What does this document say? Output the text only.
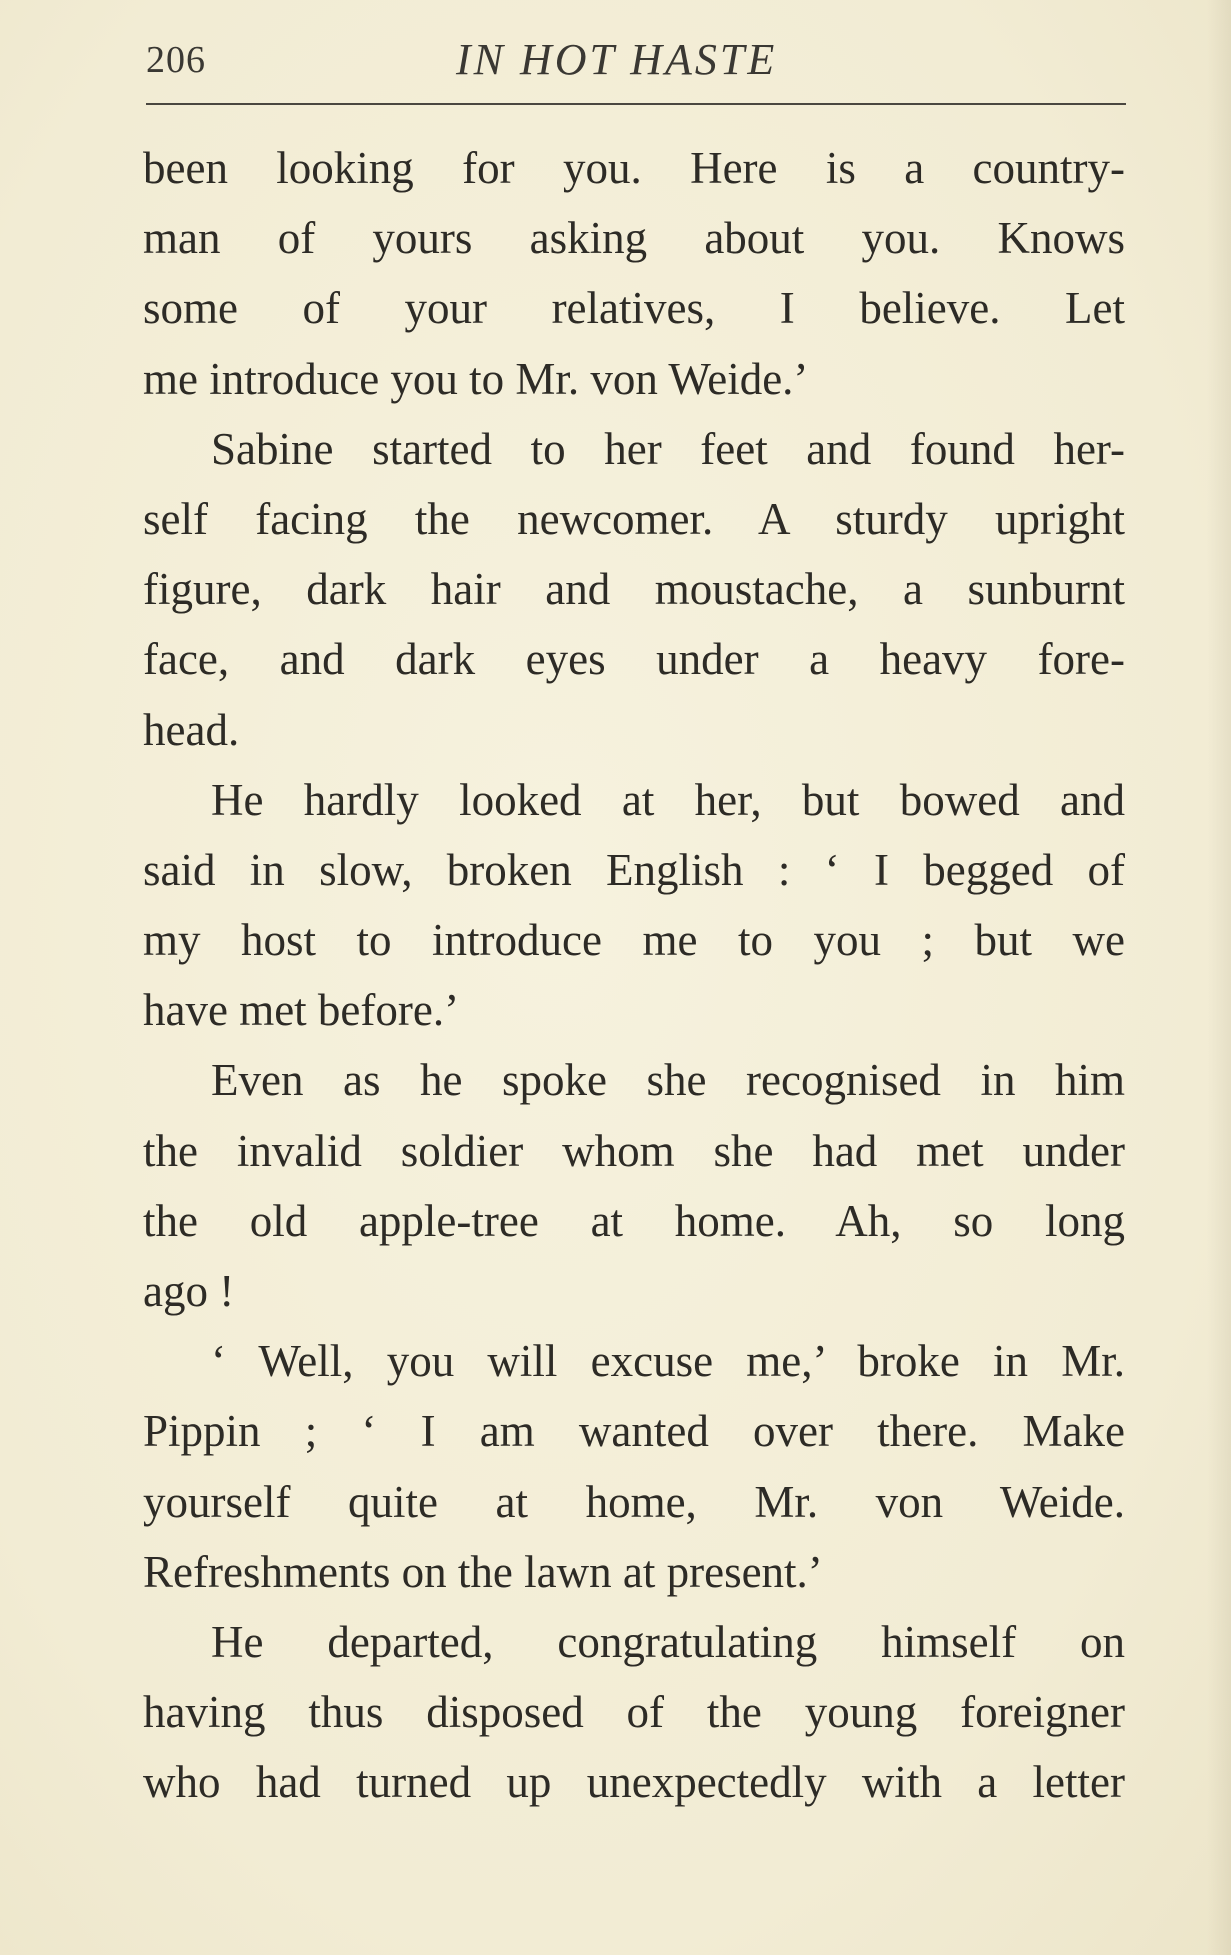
206	IN HOT HASTE
been looking for you. Here is a country-
man of yours asking about you. Knows
some of your relatives, I believe. Let
me introduce you to Mr. von Weide.’
Sabine started to her feet and found her-
self facing the newcomer. A sturdy upright
figure, dark hair and moustache, a sunburnt
face, and dark eyes under a heavy fore-
head.
He hardly looked at her, but bowed and
said in slow, broken English : ‘ I begged of
my host to introduce me to you ; but we
have met before.’
Even as he spoke she recognised in him
the invalid soldier whom she had met under
the old apple-tree at home. Ah, so long
ago !
‘ Well, you will excuse me,’ broke in Mr.
Pippin ; ‘ I am wanted over there. Make
yourself quite at home, Mr. von Weide.
Refreshments on the lawn at present.’
He departed, congratulating himself on
having thus disposed of the young foreigner
who had turned up unexpectedly with a letter
